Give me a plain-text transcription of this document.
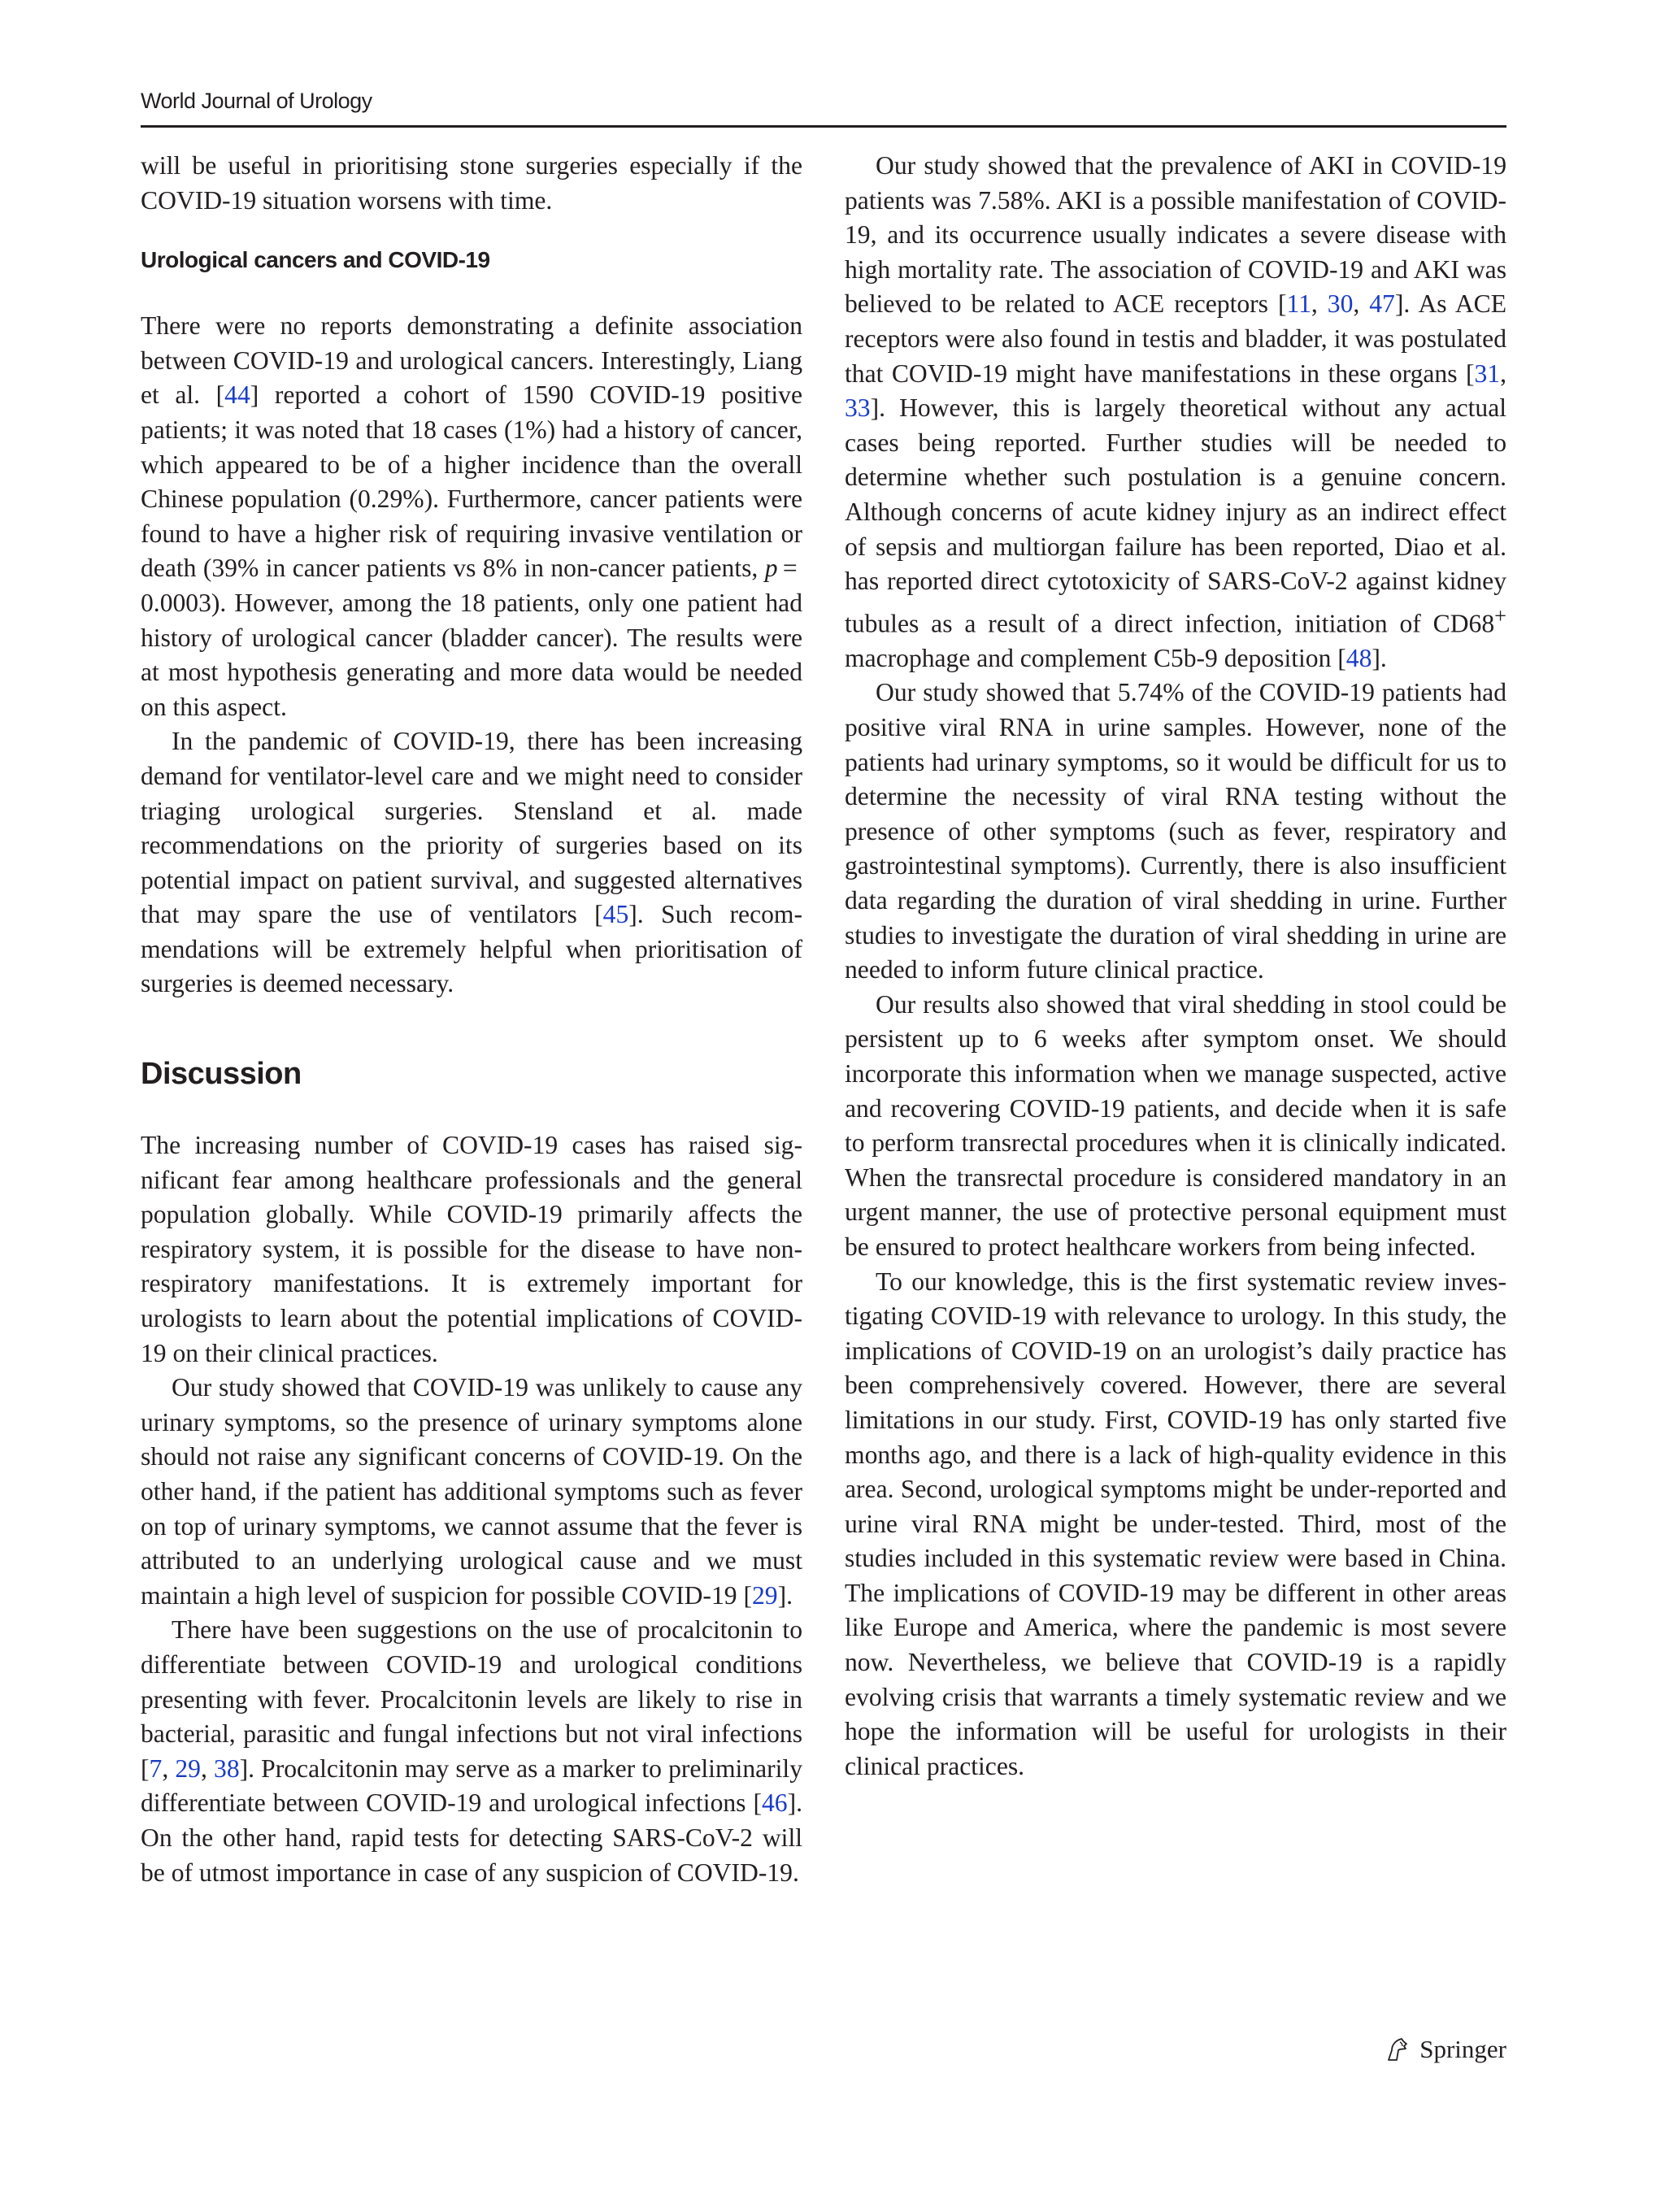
World Journal of Urology

will be useful in prioritising stone surgeries especially if the COVID-19 situation worsens with time.

Urological cancers and COVID-19

There were no reports demonstrating a definite association between COVID-19 and urological cancers. Interestingly, Liang et al. [44] reported a cohort of 1590 COVID-19 positive patients; it was noted that 18 cases (1%) had a history of cancer, which appeared to be of a higher incidence than the overall Chinese population (0.29%). Furthermore, cancer patients were found to have a higher risk of requiring invasive ventilation or death (39% in cancer patients vs 8% in non-cancer patients, p = 0.0003). However, among the 18 patients, only one patient had history of urological cancer (bladder cancer). The results were at most hypothesis generating and more data would be needed on this aspect.

In the pandemic of COVID-19, there has been increasing demand for ventilator-level care and we might need to consider triaging urological surgeries. Stensland et al. made recommendations on the priority of surgeries based on its potential impact on patient survival, and suggested alternatives that may spare the use of ventilators [45]. Such recommendations will be extremely helpful when prioritisation of surgeries is deemed necessary.

Discussion

The increasing number of COVID-19 cases has raised significant fear among healthcare professionals and the general population globally. While COVID-19 primarily affects the respiratory system, it is possible for the disease to have non-respiratory manifestations. It is extremely important for urologists to learn about the potential implications of COVID-19 on their clinical practices.

Our study showed that COVID-19 was unlikely to cause any urinary symptoms, so the presence of urinary symptoms alone should not raise any significant concerns of COVID-19. On the other hand, if the patient has additional symptoms such as fever on top of urinary symptoms, we cannot assume that the fever is attributed to an underlying urological cause and we must maintain a high level of suspicion for possible COVID-19 [29].

There have been suggestions on the use of procalcitonin to differentiate between COVID-19 and urological conditions presenting with fever. Procalcitonin levels are likely to rise in bacterial, parasitic and fungal infections but not viral infections [7, 29, 38]. Procalcitonin may serve as a marker to preliminarily differentiate between COVID-19 and urological infections [46]. On the other hand, rapid tests for detecting SARS-CoV-2 will be of utmost importance in case of any suspicion of COVID-19.

Our study showed that the prevalence of AKI in COVID-19 patients was 7.58%. AKI is a possible manifestation of COVID-19, and its occurrence usually indicates a severe disease with high mortality rate. The association of COVID-19 and AKI was believed to be related to ACE receptors [11, 30, 47]. As ACE receptors were also found in testis and bladder, it was postulated that COVID-19 might have manifestations in these organs [31, 33]. However, this is largely theoretical without any actual cases being reported. Further studies will be needed to determine whether such postulation is a genuine concern. Although concerns of acute kidney injury as an indirect effect of sepsis and multiorgan failure has been reported, Diao et al. has reported direct cytotoxicity of SARS-CoV-2 against kidney tubules as a result of a direct infection, initiation of CD68+ macrophage and complement C5b-9 deposition [48].

Our study showed that 5.74% of the COVID-19 patients had positive viral RNA in urine samples. However, none of the patients had urinary symptoms, so it would be difficult for us to determine the necessity of viral RNA testing without the presence of other symptoms (such as fever, respiratory and gastrointestinal symptoms). Currently, there is also insufficient data regarding the duration of viral shedding in urine. Further studies to investigate the duration of viral shedding in urine are needed to inform future clinical practice.

Our results also showed that viral shedding in stool could be persistent up to 6 weeks after symptom onset. We should incorporate this information when we manage suspected, active and recovering COVID-19 patients, and decide when it is safe to perform transrectal procedures when it is clinically indicated. When the transrectal procedure is considered mandatory in an urgent manner, the use of protective personal equipment must be ensured to protect healthcare workers from being infected.

To our knowledge, this is the first systematic review investigating COVID-19 with relevance to urology. In this study, the implications of COVID-19 on an urologist’s daily practice has been comprehensively covered. However, there are several limitations in our study. First, COVID-19 has only started five months ago, and there is a lack of high-quality evidence in this area. Second, urological symptoms might be under-reported and urine viral RNA might be under-tested. Third, most of the studies included in this systematic review were based in China. The implications of COVID-19 may be different in other areas like Europe and America, where the pandemic is most severe now. Nevertheless, we believe that COVID-19 is a rapidly evolving crisis that warrants a timely systematic review and we hope the information will be useful for urologists in their clinical practices.

Springer
